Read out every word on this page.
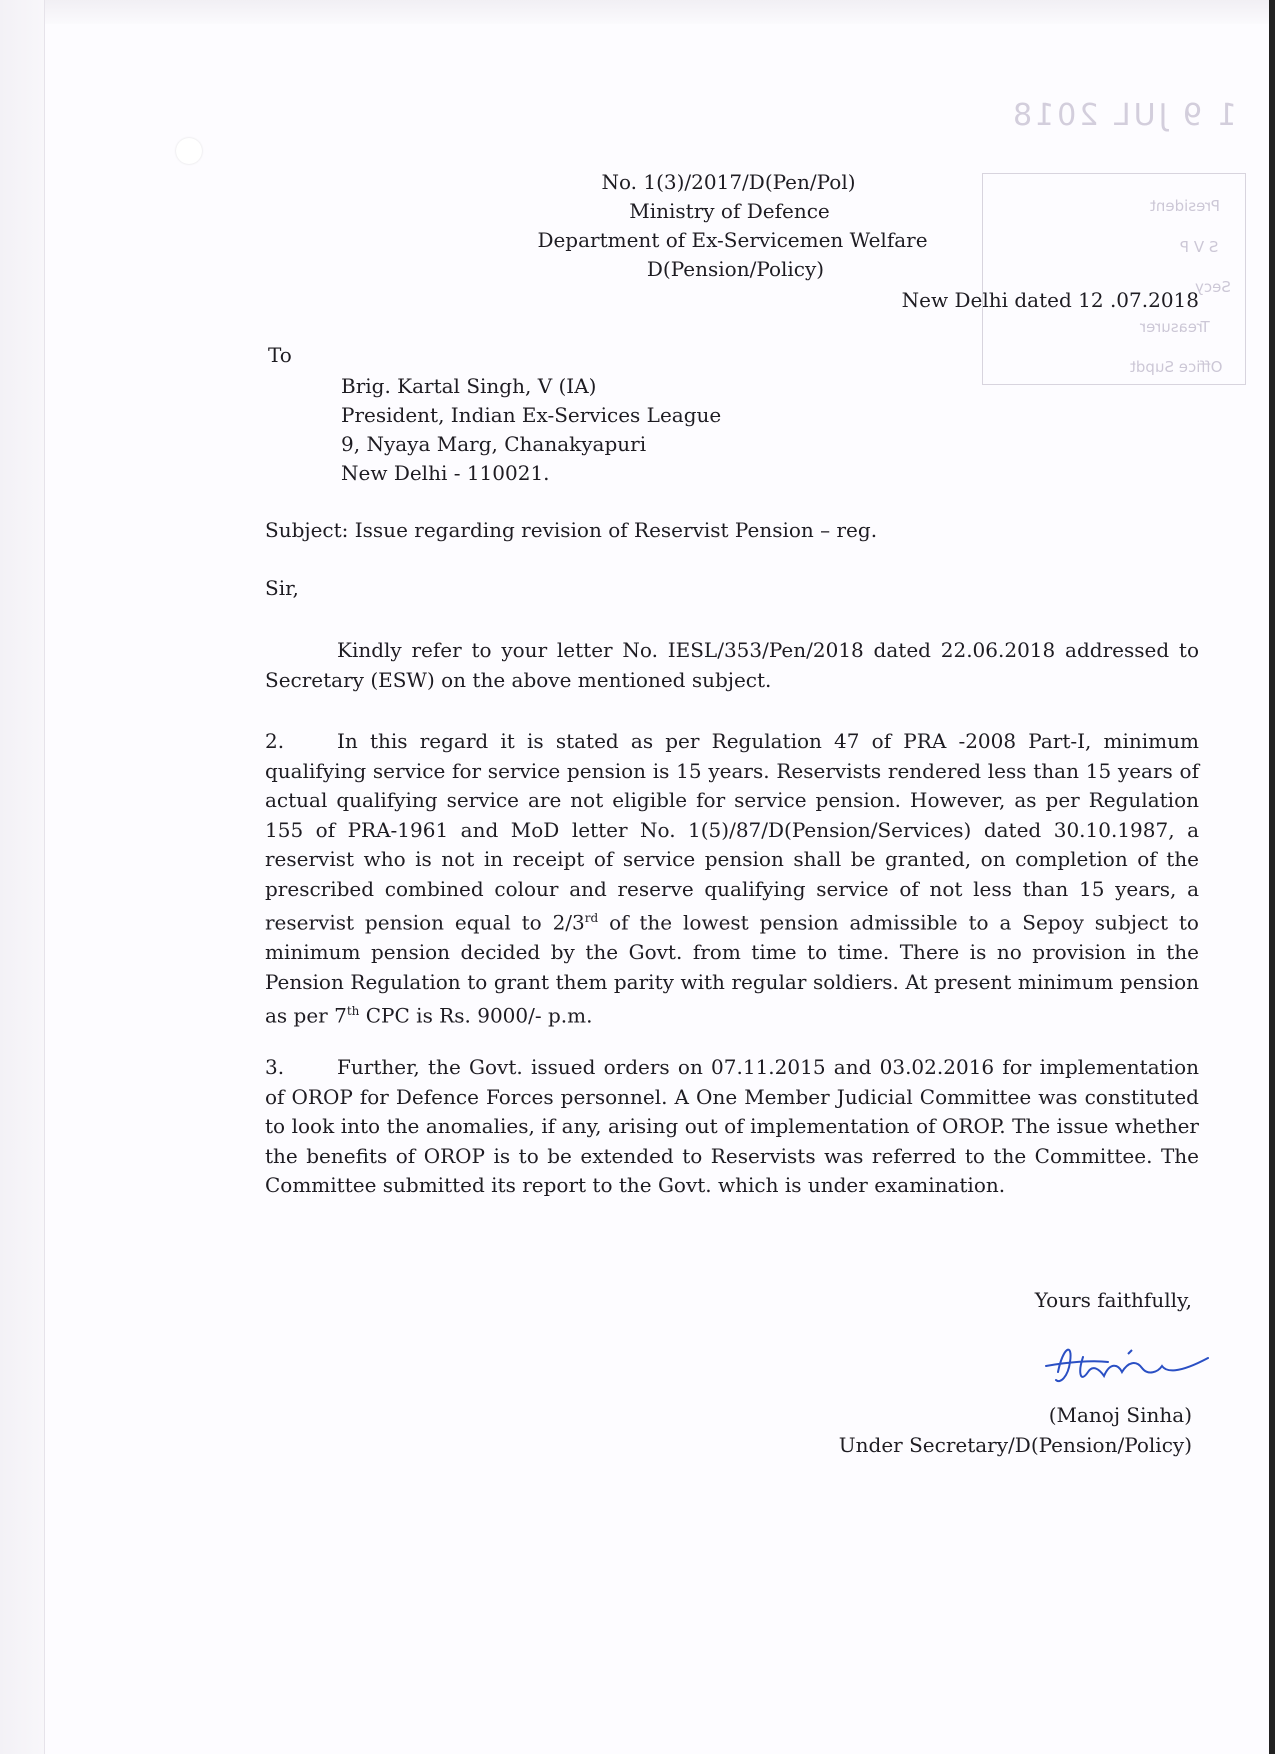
1 9 JUL 2018
President
S V P
Secy
Treasurer
Office Supdt
No. 1(3)/2017/D(Pen/Pol)
Ministry of Defence
Department of Ex-Servicemen Welfare
D(Pension/Policy)
New Delhi dated 12 .07.2018
To
Brig. Kartal Singh, V (IA)
President, Indian Ex-Services League
9, Nyaya Marg, Chanakyapuri
New Delhi - 110021.
Subject: Issue regarding revision of Reservist Pension – reg.
Sir,
Kindly refer to your letter No. IESL/353/Pen/2018 dated 22.06.2018 addressed to Secretary (ESW) on the above mentioned subject.
2.	In this regard it is stated as per Regulation 47 of PRA -2008 Part-I, minimum qualifying service for service pension is 15 years. Reservists rendered less than 15 years of actual qualifying service are not eligible for service pension. However, as per Regulation 155 of PRA-1961 and MoD letter No. 1(5)/87/D(Pension/Services) dated 30.10.1987, a reservist who is not in receipt of service pension shall be granted, on completion of the prescribed combined colour and reserve qualifying service of not less than 15 years, a reservist pension equal to 2/3rd of the lowest pension admissible to a Sepoy subject to minimum pension decided by the Govt. from time to time. There is no provision in the Pension Regulation to grant them parity with regular soldiers. At present minimum pension as per 7th CPC is Rs. 9000/- p.m.
3.	Further, the Govt. issued orders on 07.11.2015 and 03.02.2016 for implementation of OROP for Defence Forces personnel. A One Member Judicial Committee was constituted to look into the anomalies, if any, arising out of implementation of OROP. The issue whether the benefits of OROP is to be extended to Reservists was referred to the Committee. The Committee submitted its report to the Govt. which is under examination.
Yours faithfully,
(Manoj Sinha)
Under Secretary/D(Pension/Policy)
